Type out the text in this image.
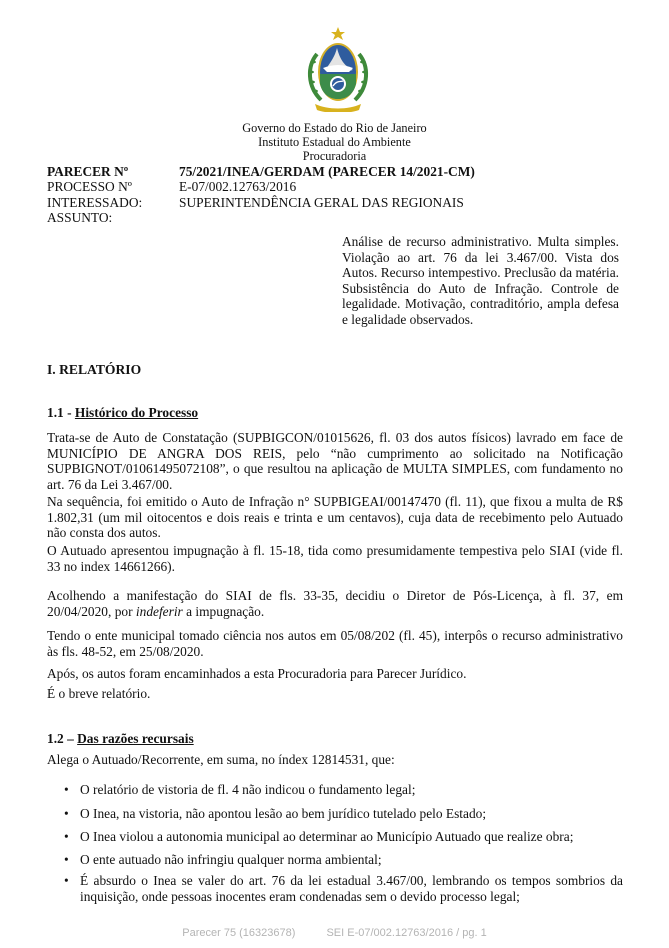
Governo do Estado do Rio de Janeiro
Instituto Estadual do Ambiente
Procuradoria
PARECER Nº	75/2021/INEA/GERDAM (PARECER 14/2021-CM)
PROCESSO Nº	E-07/002.12763/2016
INTERESSADO:	SUPERINTENDÊNCIA GERAL DAS REGIONAIS
ASSUNTO:
Análise de recurso administrativo. Multa simples. Violação ao art. 76 da lei 3.467/00. Vista dos Autos. Recurso intempestivo. Preclusão da matéria. Subsistência do Auto de Infração. Controle de legalidade. Motivação, contraditório, ampla defesa e legalidade observados.
I. RELATÓRIO
1.1 - Histórico do Processo
Trata-se de Auto de Constatação (SUPBIGCON/01015626, fl. 03 dos autos físicos) lavrado em face de MUNICÍPIO DE ANGRA DOS REIS, pelo “não cumprimento ao solicitado na Notificação SUPBIGNOT/01061495072108”, o que resultou na aplicação de MULTA SIMPLES, com fundamento no art. 76 da Lei 3.467/00.
Na sequência, foi emitido o Auto de Infração n° SUPBIGEAI/00147470 (fl. 11), que fixou a multa de R$ 1.802,31 (um mil oitocentos e dois reais e trinta e um centavos), cuja data de recebimento pelo Autuado não consta dos autos.
O Autuado apresentou impugnação à fl. 15-18, tida como presumidamente tempestiva pelo SIAI (vide fl. 33 no index 14661266).
Acolhendo a manifestação do SIAI de fls. 33-35, decidiu o Diretor de Pós-Licença, à fl. 37, em 20/04/2020, por indeferir a impugnação.
Tendo o ente municipal tomado ciência nos autos em 05/08/202 (fl. 45), interpôs o recurso administrativo às fls. 48-52, em 25/08/2020.
Após, os autos foram encaminhados a esta Procuradoria para Parecer Jurídico.
É o breve relatório.
1.2 – Das razões recursais
Alega o Autuado/Recorrente, em suma, no índex 12814531, que:
• O relatório de vistoria de fl. 4 não indicou o fundamento legal;
• O Inea, na vistoria, não apontou lesão ao bem jurídico tutelado pelo Estado;
• O Inea violou a autonomia municipal ao determinar ao Município Autuado que realize obra;
• O ente autuado não infringiu qualquer norma ambiental;
• É absurdo o Inea se valer do art. 76 da lei estadual 3.467/00, lembrando os tempos sombrios da inquisição, onde pessoas inocentes eram condenadas sem o devido processo legal;
Parecer 75 (16323678)	SEI E-07/002.12763/2016 / pg. 1
